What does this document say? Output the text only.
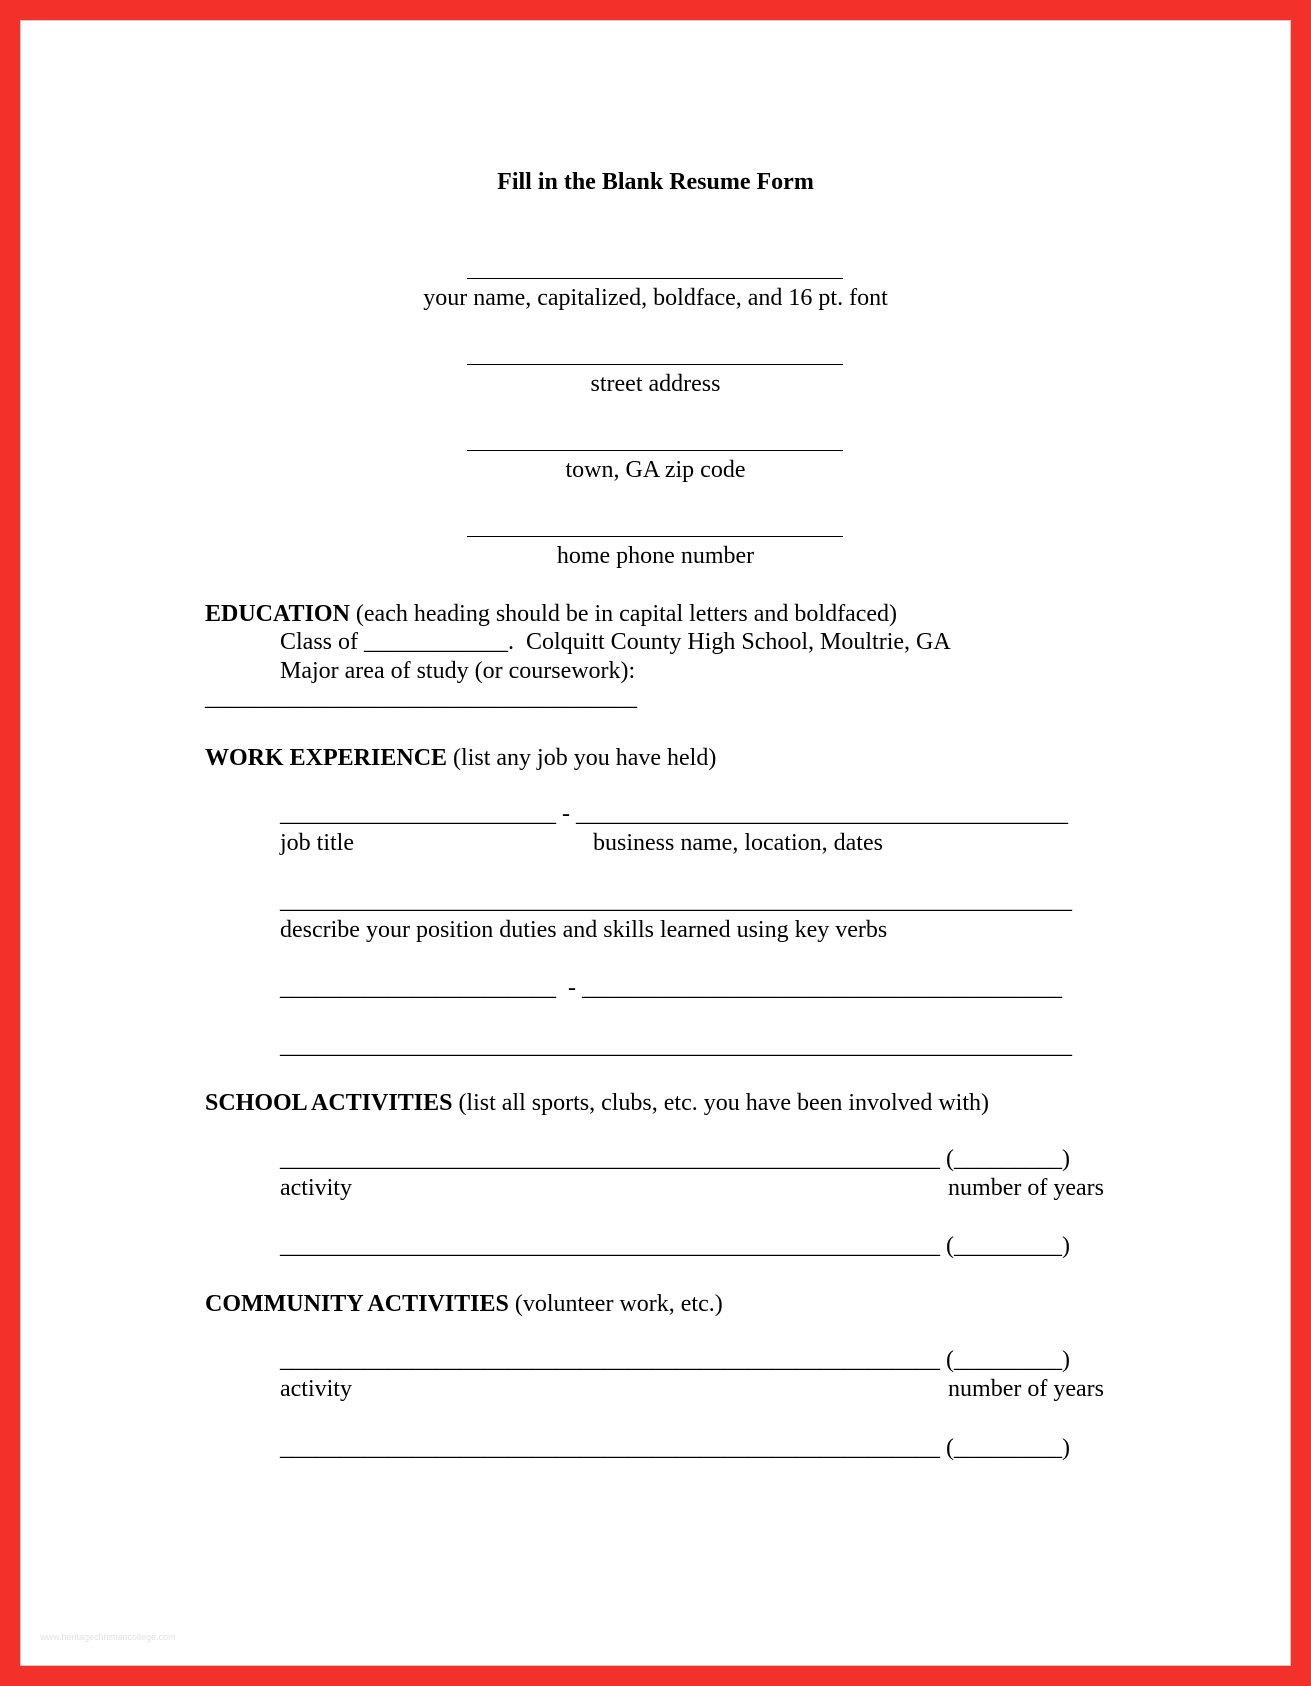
Fill in the Blank Resume Form
your name, capitalized, boldface, and 16 pt. font
street address
town, GA zip code
home phone number
EDUCATION (each heading should be in capital letters and boldfaced)
Class of ____________.  Colquitt County High School, Moultrie, GA
Major area of study (or coursework):
____________________________________
WORK EXPERIENCE (list any job you have held)
_______________________ - _________________________________________
job title	business name, location, dates
__________________________________________________________________
describe your position duties and skills learned using key verbs
_______________________  - ________________________________________
__________________________________________________________________
SCHOOL ACTIVITIES (list all sports, clubs, etc. you have been involved with)
_______________________________________________________ (_________)
activity	number of years
_______________________________________________________ (_________)
COMMUNITY ACTIVITIES (volunteer work, etc.)
_______________________________________________________ (_________)
activity	number of years
_______________________________________________________ (_________)
www.heritagechristiancollege.com
